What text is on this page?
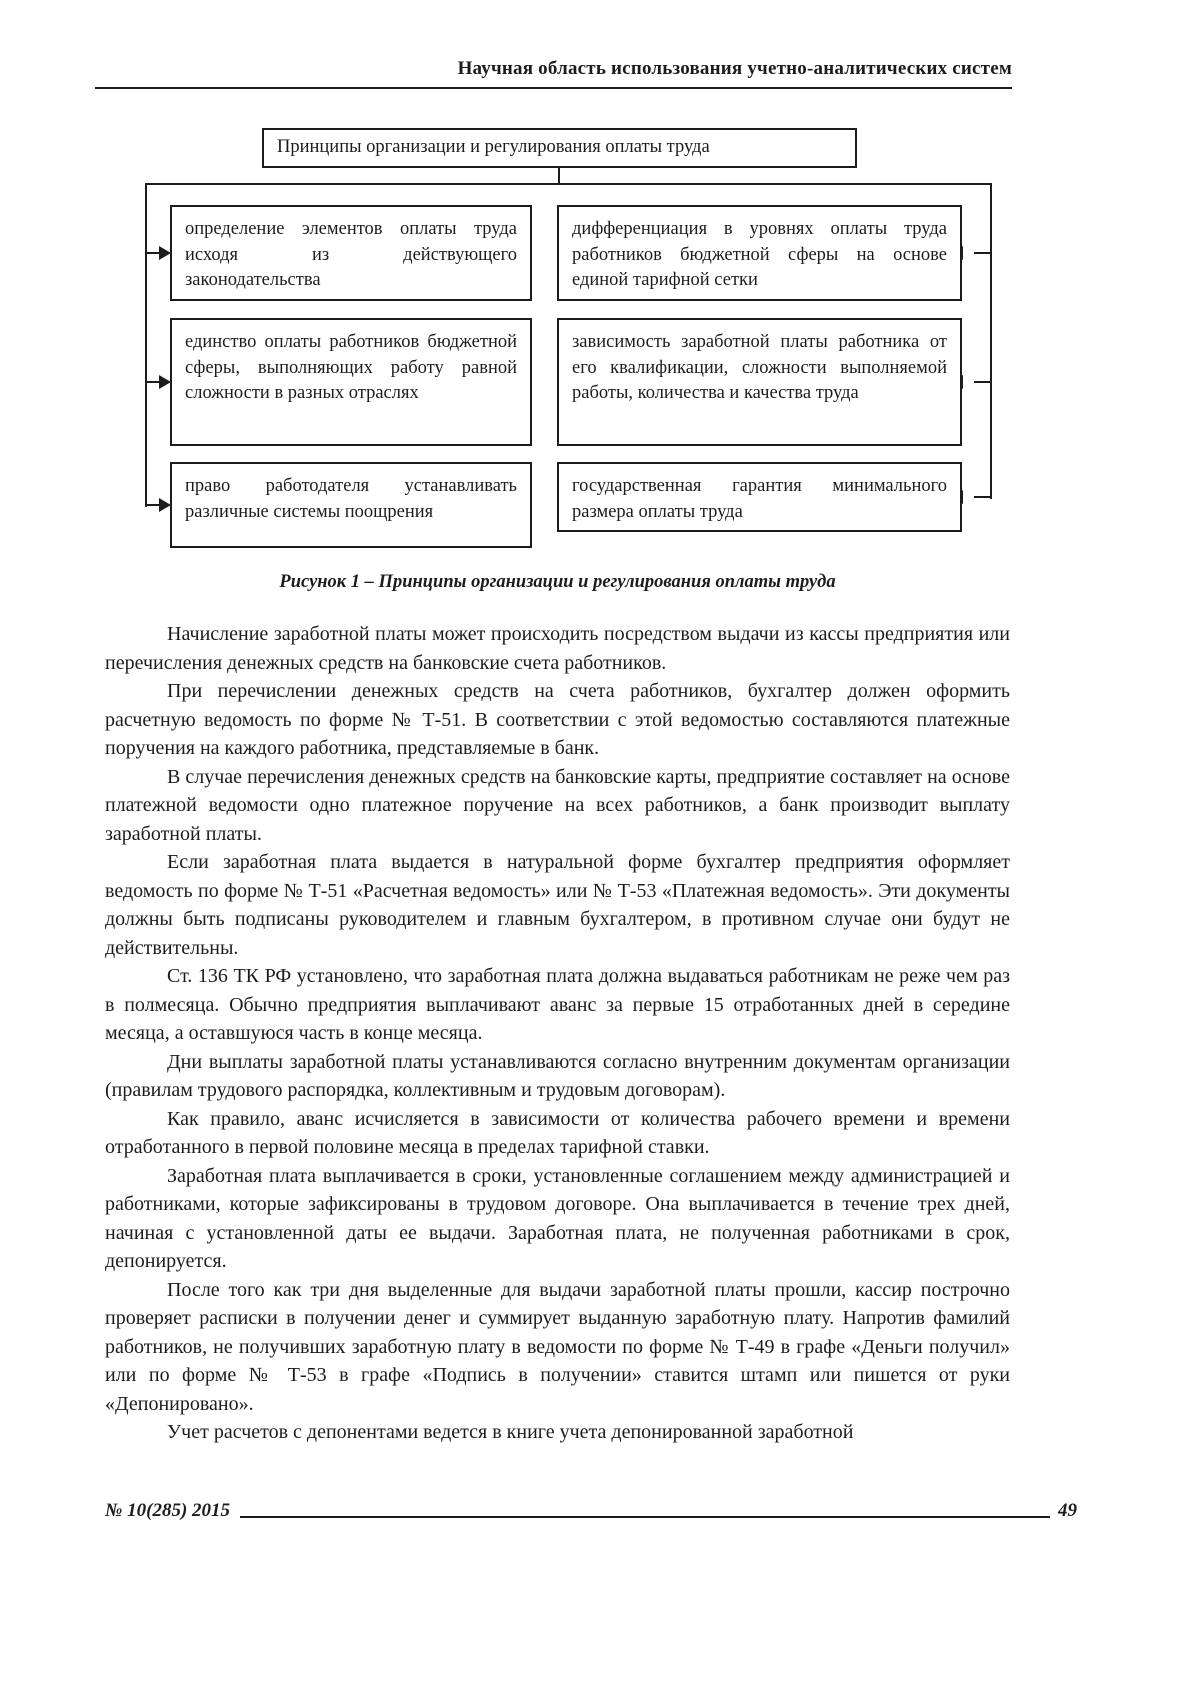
Научная область использования учетно-аналитических систем
Принципы организации и регулирования оплаты труда
определение элементов оплаты труда исходя из действующего законодательства
единство оплаты работников бюджетной сферы, выполняющих работу равной сложности в разных отраслях
право работодателя устанавливать различные системы поощрения
дифференциация в уровнях оплаты труда работников бюджетной сферы на основе единой тарифной сетки
зависимость заработной платы работника от его квалификации, сложности выполняемой работы, количества и качества труда
государственная гарантия минимального размера оплаты труда
Рисунок 1 – Принципы организации и регулирования оплаты труда

Начисление заработной платы может происходить посредством выдачи из кассы предприятия или перечисления денежных средств на банковские счета работников.

При перечислении денежных средств на счета работников, бухгалтер должен оформить расчетную ведомость по форме № Т-51. В соответствии с этой ведомостью составляются платежные поручения на каждого работника, представляемые в банк.

В случае перечисления денежных средств на банковские карты, предприятие составляет на основе платежной ведомости одно платежное поручение на всех работников, а банк производит выплату заработной платы.

Если заработная плата выдается в натуральной форме бухгалтер предприятия оформляет ведомость по форме № Т-51 «Расчетная ведомость» или № Т-53 «Платежная ведомость». Эти документы должны быть подписаны руководителем и главным бухгалтером, в противном случае они будут не действительны.

Ст. 136 ТК РФ установлено, что заработная плата должна выдаваться работникам не реже чем раз в полмесяца. Обычно предприятия выплачивают аванс за первые 15 отработанных дней в середине месяца, а оставшуюся часть в конце месяца.

Дни выплаты заработной платы устанавливаются согласно внутренним документам организации (правилам трудового распорядка, коллективным и трудовым договорам).

Как правило, аванс исчисляется в зависимости от количества рабочего времени и времени отработанного в первой половине месяца в пределах тарифной ставки.

Заработная плата выплачивается в сроки, установленные соглашением между администрацией и работниками, которые зафиксированы в трудовом договоре. Она выплачивается в течение трех дней, начиная с установленной даты ее выдачи. Заработная плата, не полученная работниками в срок, депонируется.

После того как три дня выделенные для выдачи заработной платы прошли, кассир построчно проверяет расписки в получении денег и суммирует выданную заработную плату. Напротив фамилий работников, не получивших заработную плату в ведомости по форме № Т-49 в графе «Деньги получил» или по форме № Т-53 в графе «Подпись в получении» ставится штамп или пишется от руки «Депонировано».

Учет расчетов с депонентами ведется в книге учета депонированной заработной

№ 10(285) 2015	49
